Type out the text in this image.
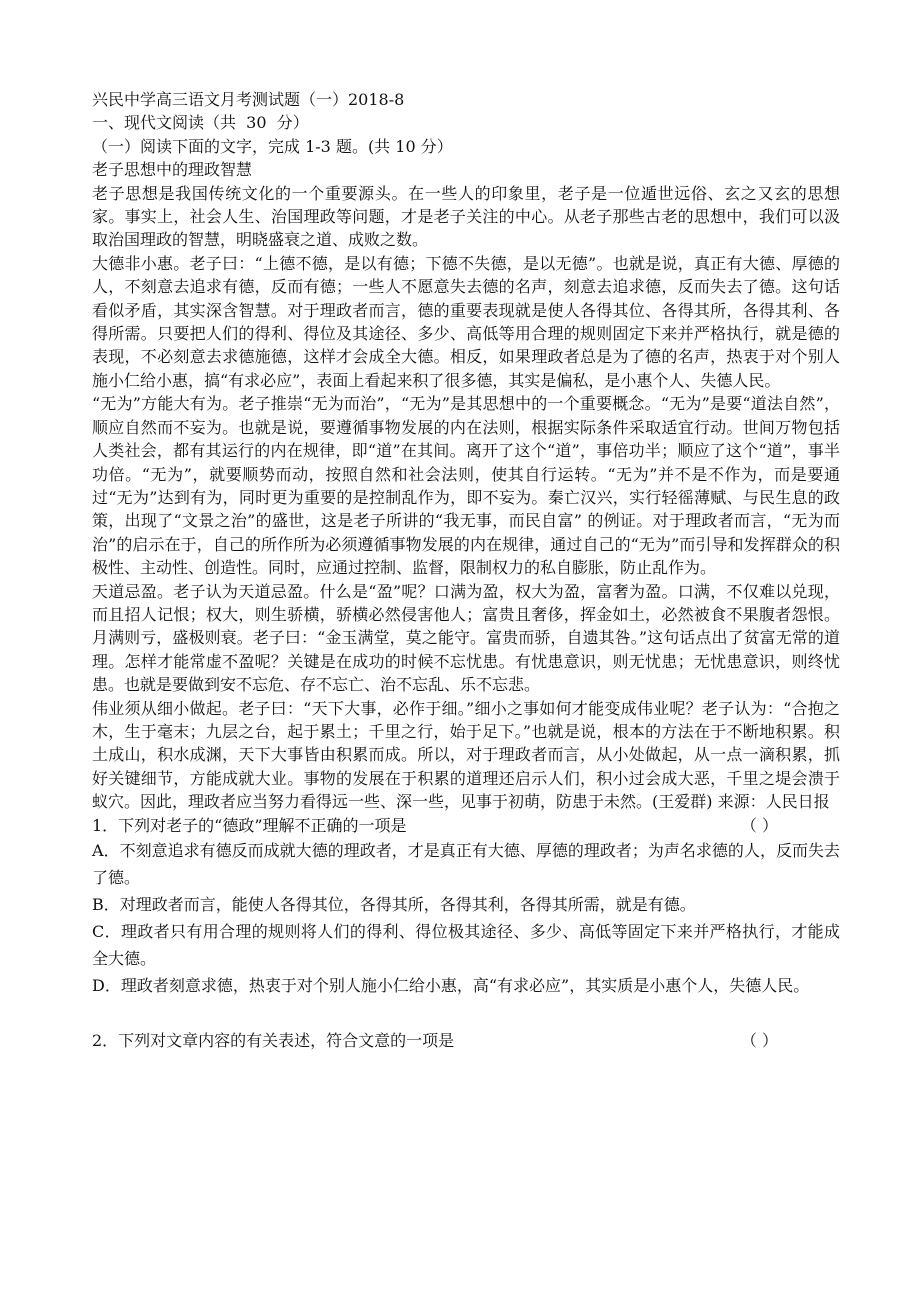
兴民中学高三语文月考测试题（一）2018-8

一、现代文阅读（共  30  分）

（一）阅读下面的文字，完成 1-3 题。(共 10 分）

老子思想中的理政智慧

老子思想是我国传统文化的一个重要源头。在一些人的印象里，老子是一位遁世远俗、玄之又玄的思想家。事实上，社会人生、治国理政等问题，才是老子关注的中心。从老子那些古老的思想中，我们可以汲取治国理政的智慧，明晓盛衰之道、成败之数。

大德非小惠。老子曰：“上德不德，是以有德；下德不失德，是以无德”。也就是说，真正有大德、厚德的人，不刻意去追求有德，反而有德；一些人不愿意失去德的名声，刻意去追求德，反而失去了德。这句话看似矛盾，其实深含智慧。对于理政者而言，德的重要表现就是使人各得其位、各得其所，各得其利、各得所需。只要把人们的得利、得位及其途径、多少、高低等用合理的规则固定下来并严格执行，就是德的表现，不必刻意去求德施德，这样才会成全大德。相反，如果理政者总是为了德的名声，热衷于对个别人施小仁给小惠，搞“有求必应”，表面上看起来积了很多德，其实是偏私，是小惠个人、失德人民。

“无为”方能大有为。老子推崇“无为而治”，“无为”是其思想中的一个重要概念。“无为”是要“道法自然”，顺应自然而不妄为。也就是说，要遵循事物发展的内在法则，根据实际条件采取适宜行动。世间万物包括人类社会，都有其运行的内在规律，即“道”在其间。离开了这个“道”，事倍功半；顺应了这个“道”，事半功倍。“无为”，就要顺势而动，按照自然和社会法则，使其自行运转。“无为”并不是不作为，而是要通过“无为”达到有为，同时更为重要的是控制乱作为，即不妄为。秦亡汉兴，实行轻徭薄赋、与民生息的政策，出现了“文景之治”的盛世，这是老子所讲的“我无事，而民自富” 的例证。对于理政者而言，“无为而治”的启示在于，自己的所作所为必须遵循事物发展的内在规律，通过自己的“无为”而引导和发挥群众的积极性、主动性、创造性。同时，应通过控制、监督，限制权力的私自膨胀，防止乱作为。

天道忌盈。老子认为天道忌盈。什么是“盈”呢？口满为盈，权大为盈，富奢为盈。口满，不仅难以兑现，而且招人记恨；权大，则生骄横，骄横必然侵害他人；富贵且奢侈，挥金如土，必然被食不果腹者怨恨。月满则亏，盛极则衰。老子曰：“金玉满堂，莫之能守。富贵而骄，自遗其咎。”这句话点出了贫富无常的道理。怎样才能常虚不盈呢？关键是在成功的时候不忘忧患。有忧患意识，则无忧患；无忧患意识，则终忧患。也就是要做到安不忘危、存不忘亡、治不忘乱、乐不忘悲。

伟业须从细小做起。老子曰：“天下大事，必作于细。”细小之事如何才能变成伟业呢？老子认为：“合抱之木，生于毫末；九层之台，起于累土；千里之行，始于足下。”也就是说，根本的方法在于不断地积累。积土成山，积水成渊，天下大事皆由积累而成。所以，对于理政者而言，从小处做起，从一点一滴积累，抓好关键细节，方能成就大业。事物的发展在于积累的道理还启示人们，积小过会成大恶，千里之堤会溃于蚁穴。因此，理政者应当努力看得远一些、深一些，见事于初萌，防患于未然。(王爱群) 来源：人民日报

1．下列对老子的“德政”理解不正确的一项是	（ ）

A．不刻意追求有德反而成就大德的理政者，才是真正有大德、厚德的理政者；为声名求德的人，反而失去了德。

B．对理政者而言，能使人各得其位，各得其所，各得其利，各得其所需，就是有德。

C．理政者只有用合理的规则将人们的得利、得位极其途径、多少、高低等固定下来并严格执行，才能成全大德。

D．理政者刻意求德，热衷于对个别人施小仁给小惠，高“有求必应”，其实质是小惠个人，失德人民。

2．下列对文章内容的有关表述，符合文意的一项是	（ ）
